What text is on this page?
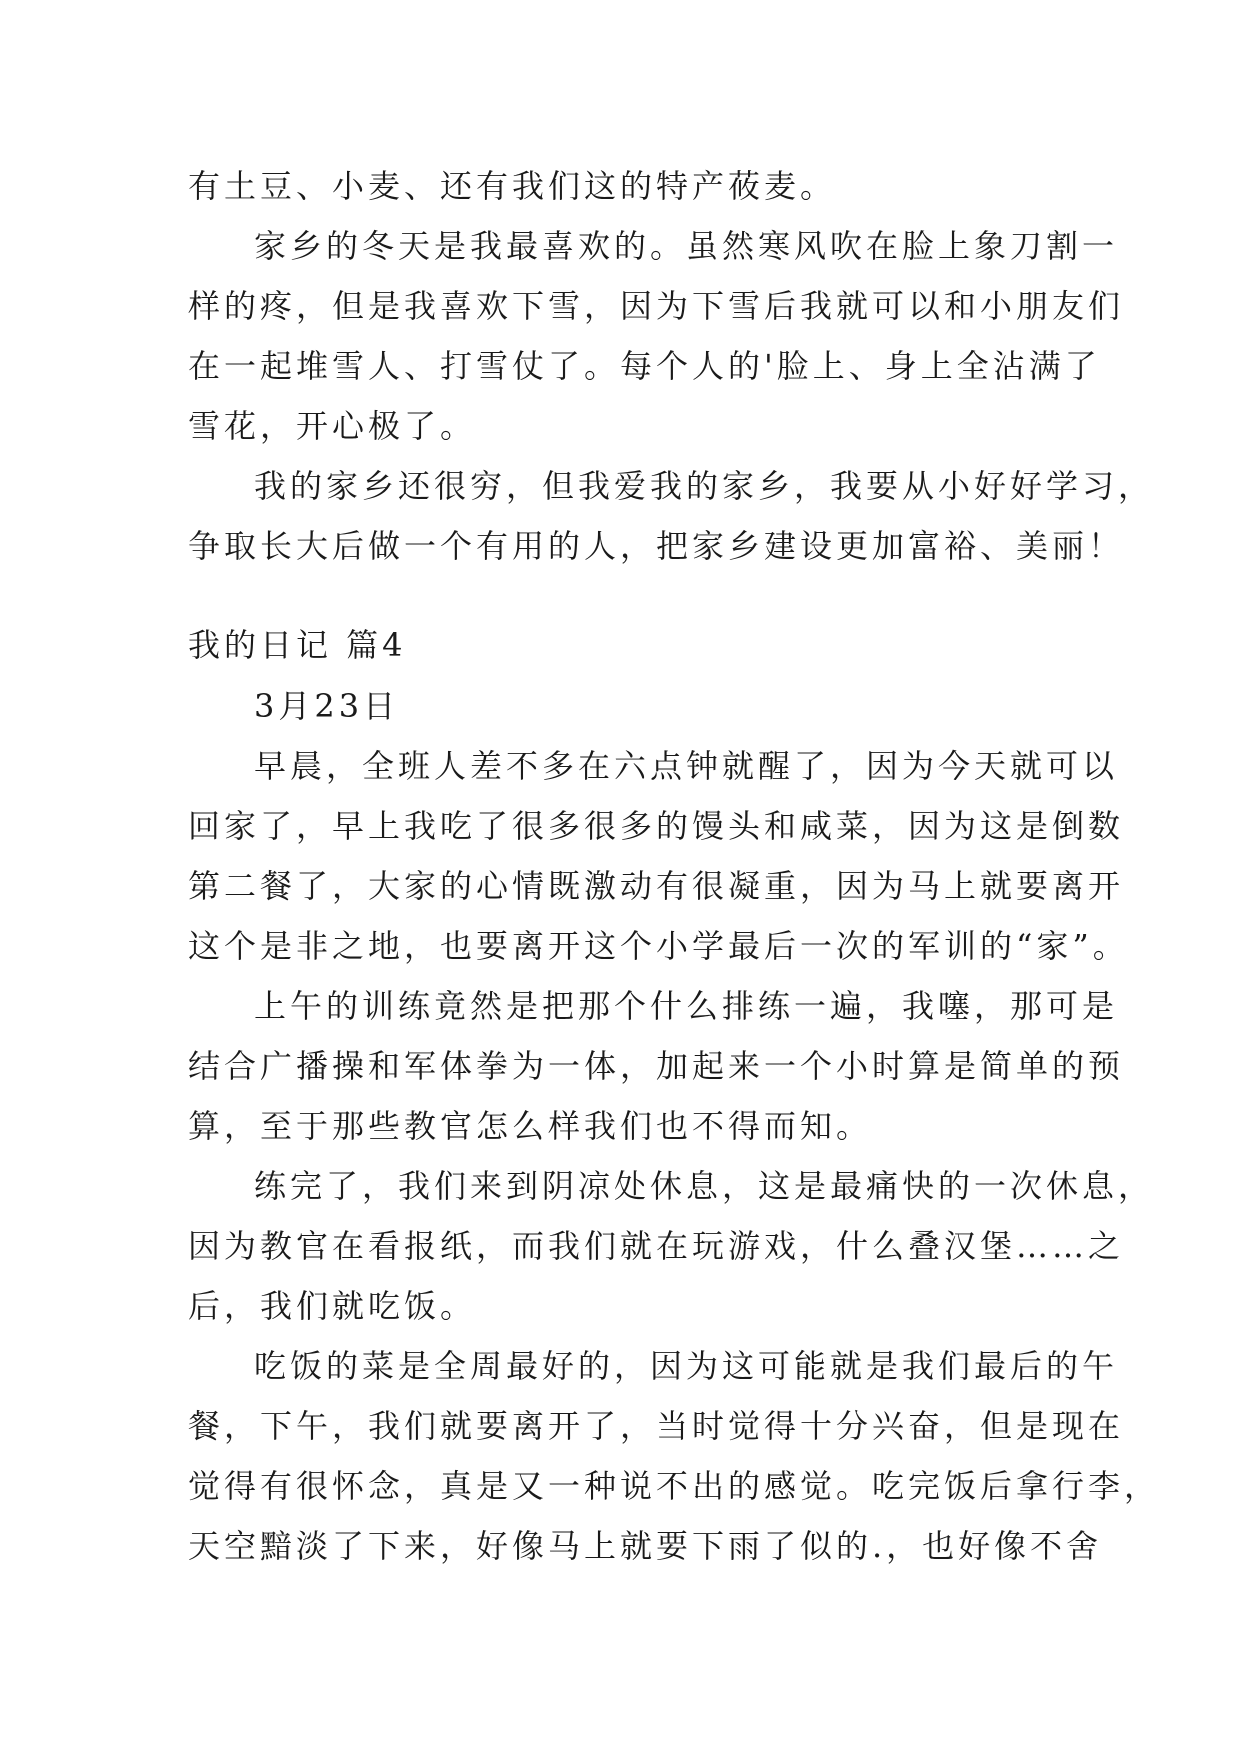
有土豆、小麦、还有我们这的特产莜麦。
家乡的冬天是我最喜欢的。虽然寒风吹在脸上象刀割一
样的疼，但是我喜欢下雪，因为下雪后我就可以和小朋友们
在一起堆雪人、打雪仗了。每个人的'脸上、身上全沾满了
雪花，开心极了。
我的家乡还很穷，但我爱我的家乡，我要从小好好学习，
争取长大后做一个有用的人，把家乡建设更加富裕、美丽！
我的日记 篇4
3月23日
早晨，全班人差不多在六点钟就醒了，因为今天就可以
回家了，早上我吃了很多很多的馒头和咸菜，因为这是倒数
第二餐了，大家的心情既激动有很凝重，因为马上就要离开
这个是非之地，也要离开这个小学最后一次的军训的“家”。
上午的训练竟然是把那个什么排练一遍，我噻，那可是
结合广播操和军体拳为一体，加起来一个小时算是简单的预
算，至于那些教官怎么样我们也不得而知。
练完了，我们来到阴凉处休息，这是最痛快的一次休息，
因为教官在看报纸，而我们就在玩游戏，什么叠汉堡……之
后，我们就吃饭。
吃饭的菜是全周最好的，因为这可能就是我们最后的午
餐，下午，我们就要离开了，当时觉得十分兴奋，但是现在
觉得有很怀念，真是又一种说不出的感觉。吃完饭后拿行李，
天空黯淡了下来，好像马上就要下雨了似的.，也好像不舍
